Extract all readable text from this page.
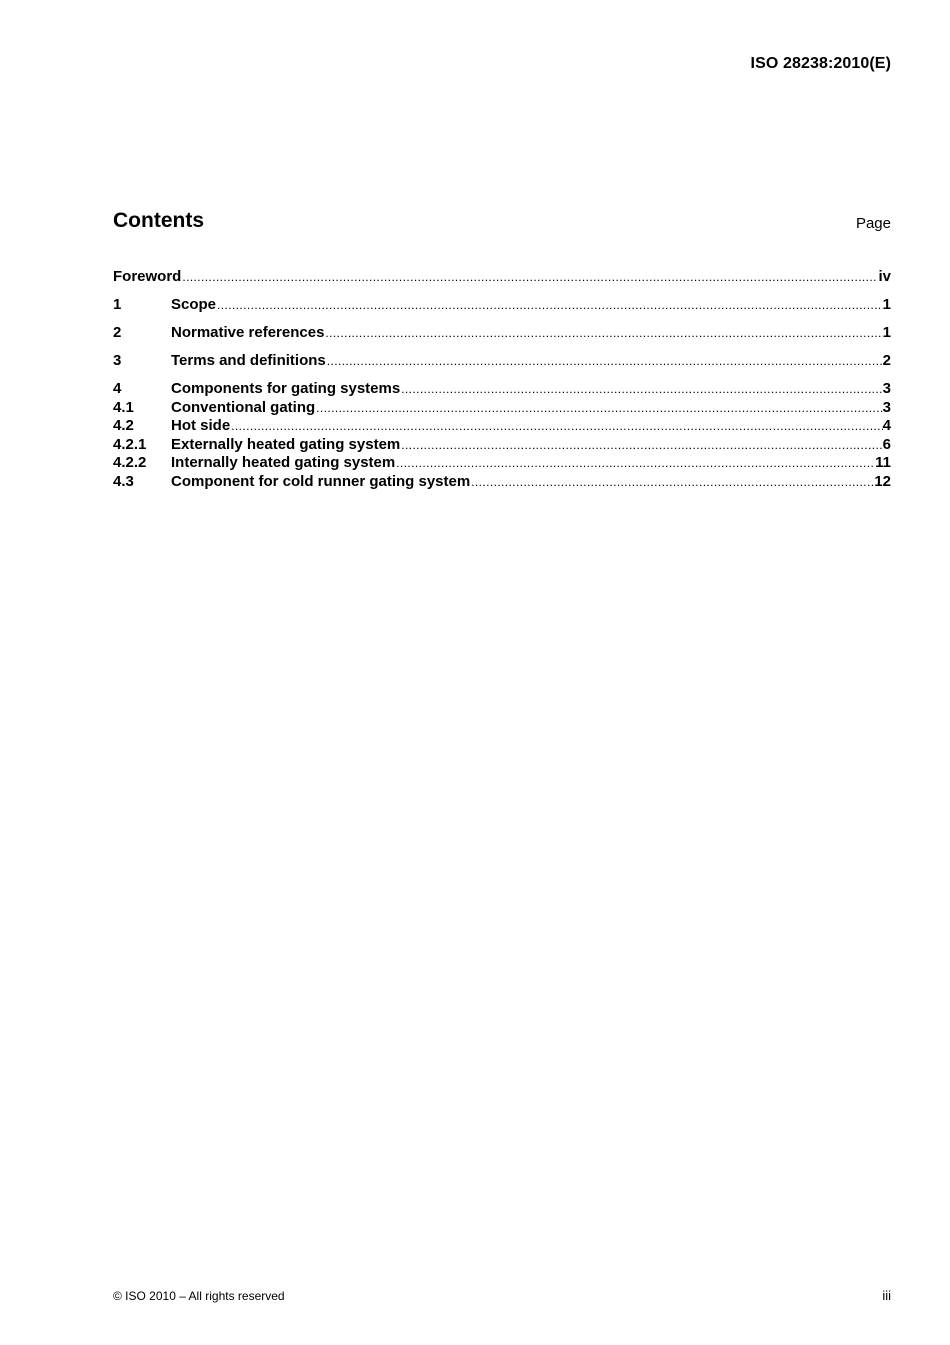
ISO 28238:2010(E)
Contents	Page
Foreword .....	iv
1	Scope .....	1
2	Normative references .....	1
3	Terms and definitions .....	2
4	Components for gating systems .....	3
4.1	Conventional gating .....	3
4.2	Hot side .....	4
4.2.1	Externally heated gating system .....	6
4.2.2	Internally heated gating system .....	11
4.3	Component for cold runner gating system .....	12
© ISO 2010 – All rights reserved	iii
